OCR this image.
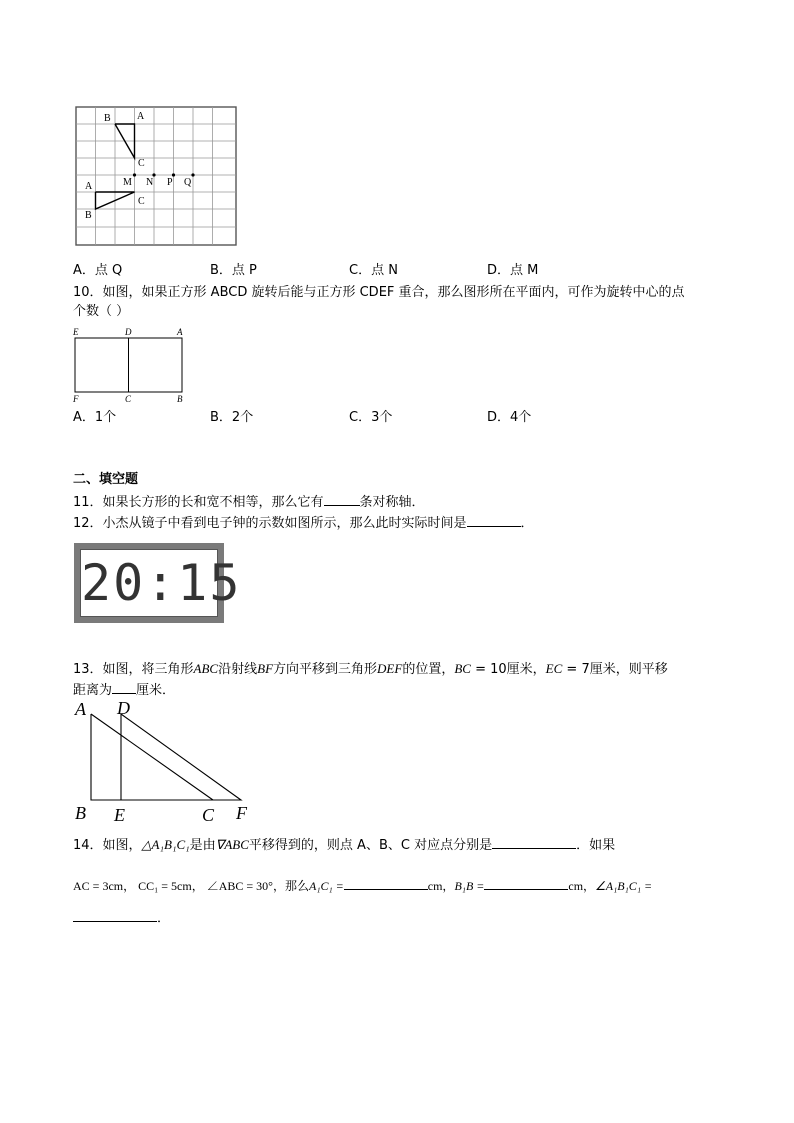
B	A
C
A
B
C
M N P Q
A．点 Q	B．点 P	C．点 N	D．点 M
10．如图，如果正方形 ABCD 旋转后能与正方形 CDEF 重合，那么图形所在平面内，可作为旋转中心的点
个数（ ）
E	D	A
F	C	B
A．1个	B．2个	C．3个	D．4个
二、填空题
11．如果长方形的长和宽不相等，那么它有	条对称轴．
12．小杰从镜子中看到电子钟的示数如图所示，那么此时实际时间是	．
20:15
13．如图，将三角形ABC沿射线BF方向平移到三角形DEF的位置，BC = 10厘米，EC = 7厘米，则平移
距离为 厘米．
A D
B E	C F
14．如图，△A₁B₁C₁是由∇ABC平移得到的，则点 A、B、C 对应点分别是	．如果
AC = 3cm， CC₁ = 5cm， ∠ABC = 30°，那么A₁C₁ =	cm，B₁B =	cm，∠A₁B₁C₁ =
．
